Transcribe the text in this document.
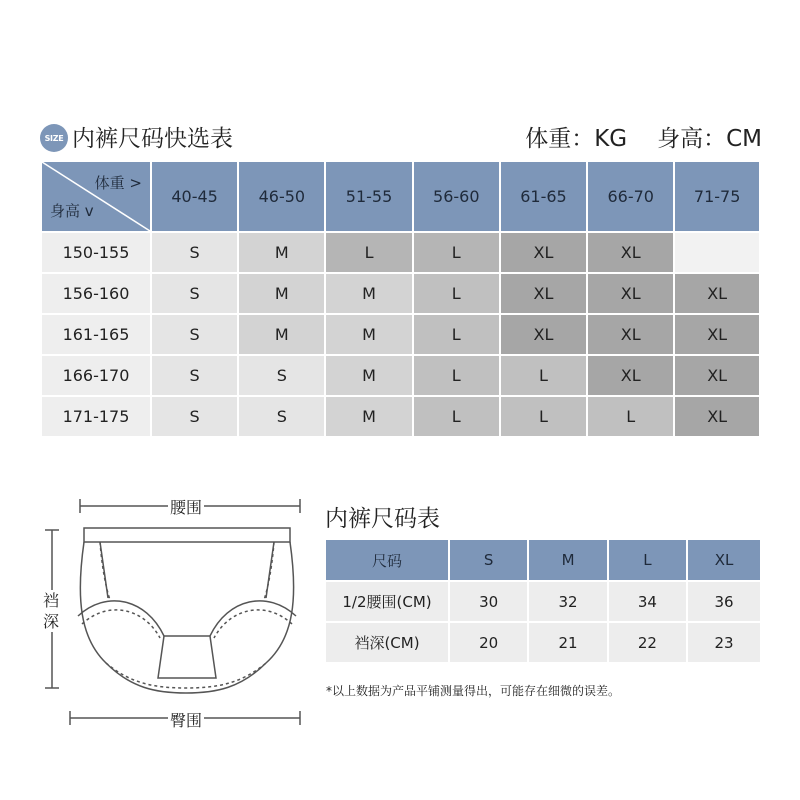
SIZE 内裤尺码快选表	体重：KG 身高：CM
体重 >
身高 v	40-45	46-50	51-55	56-60	61-65	66-70	71-75
150-155	S	M	L	L	XL	XL	
156-160	S	M	M	L	XL	XL	XL
161-165	S	M	M	L	XL	XL	XL
166-170	S	S	M	L	L	XL	XL
171-175	S	S	M	L	L	L	XL
腰围
臀围
裆深
内裤尺码表
尺码	S	M	L	XL
1/2腰围(CM)	30	32	34	36
裆深(CM)	20	21	22	23
*以上数据为产品平铺测量得出，可能存在细微的误差。
